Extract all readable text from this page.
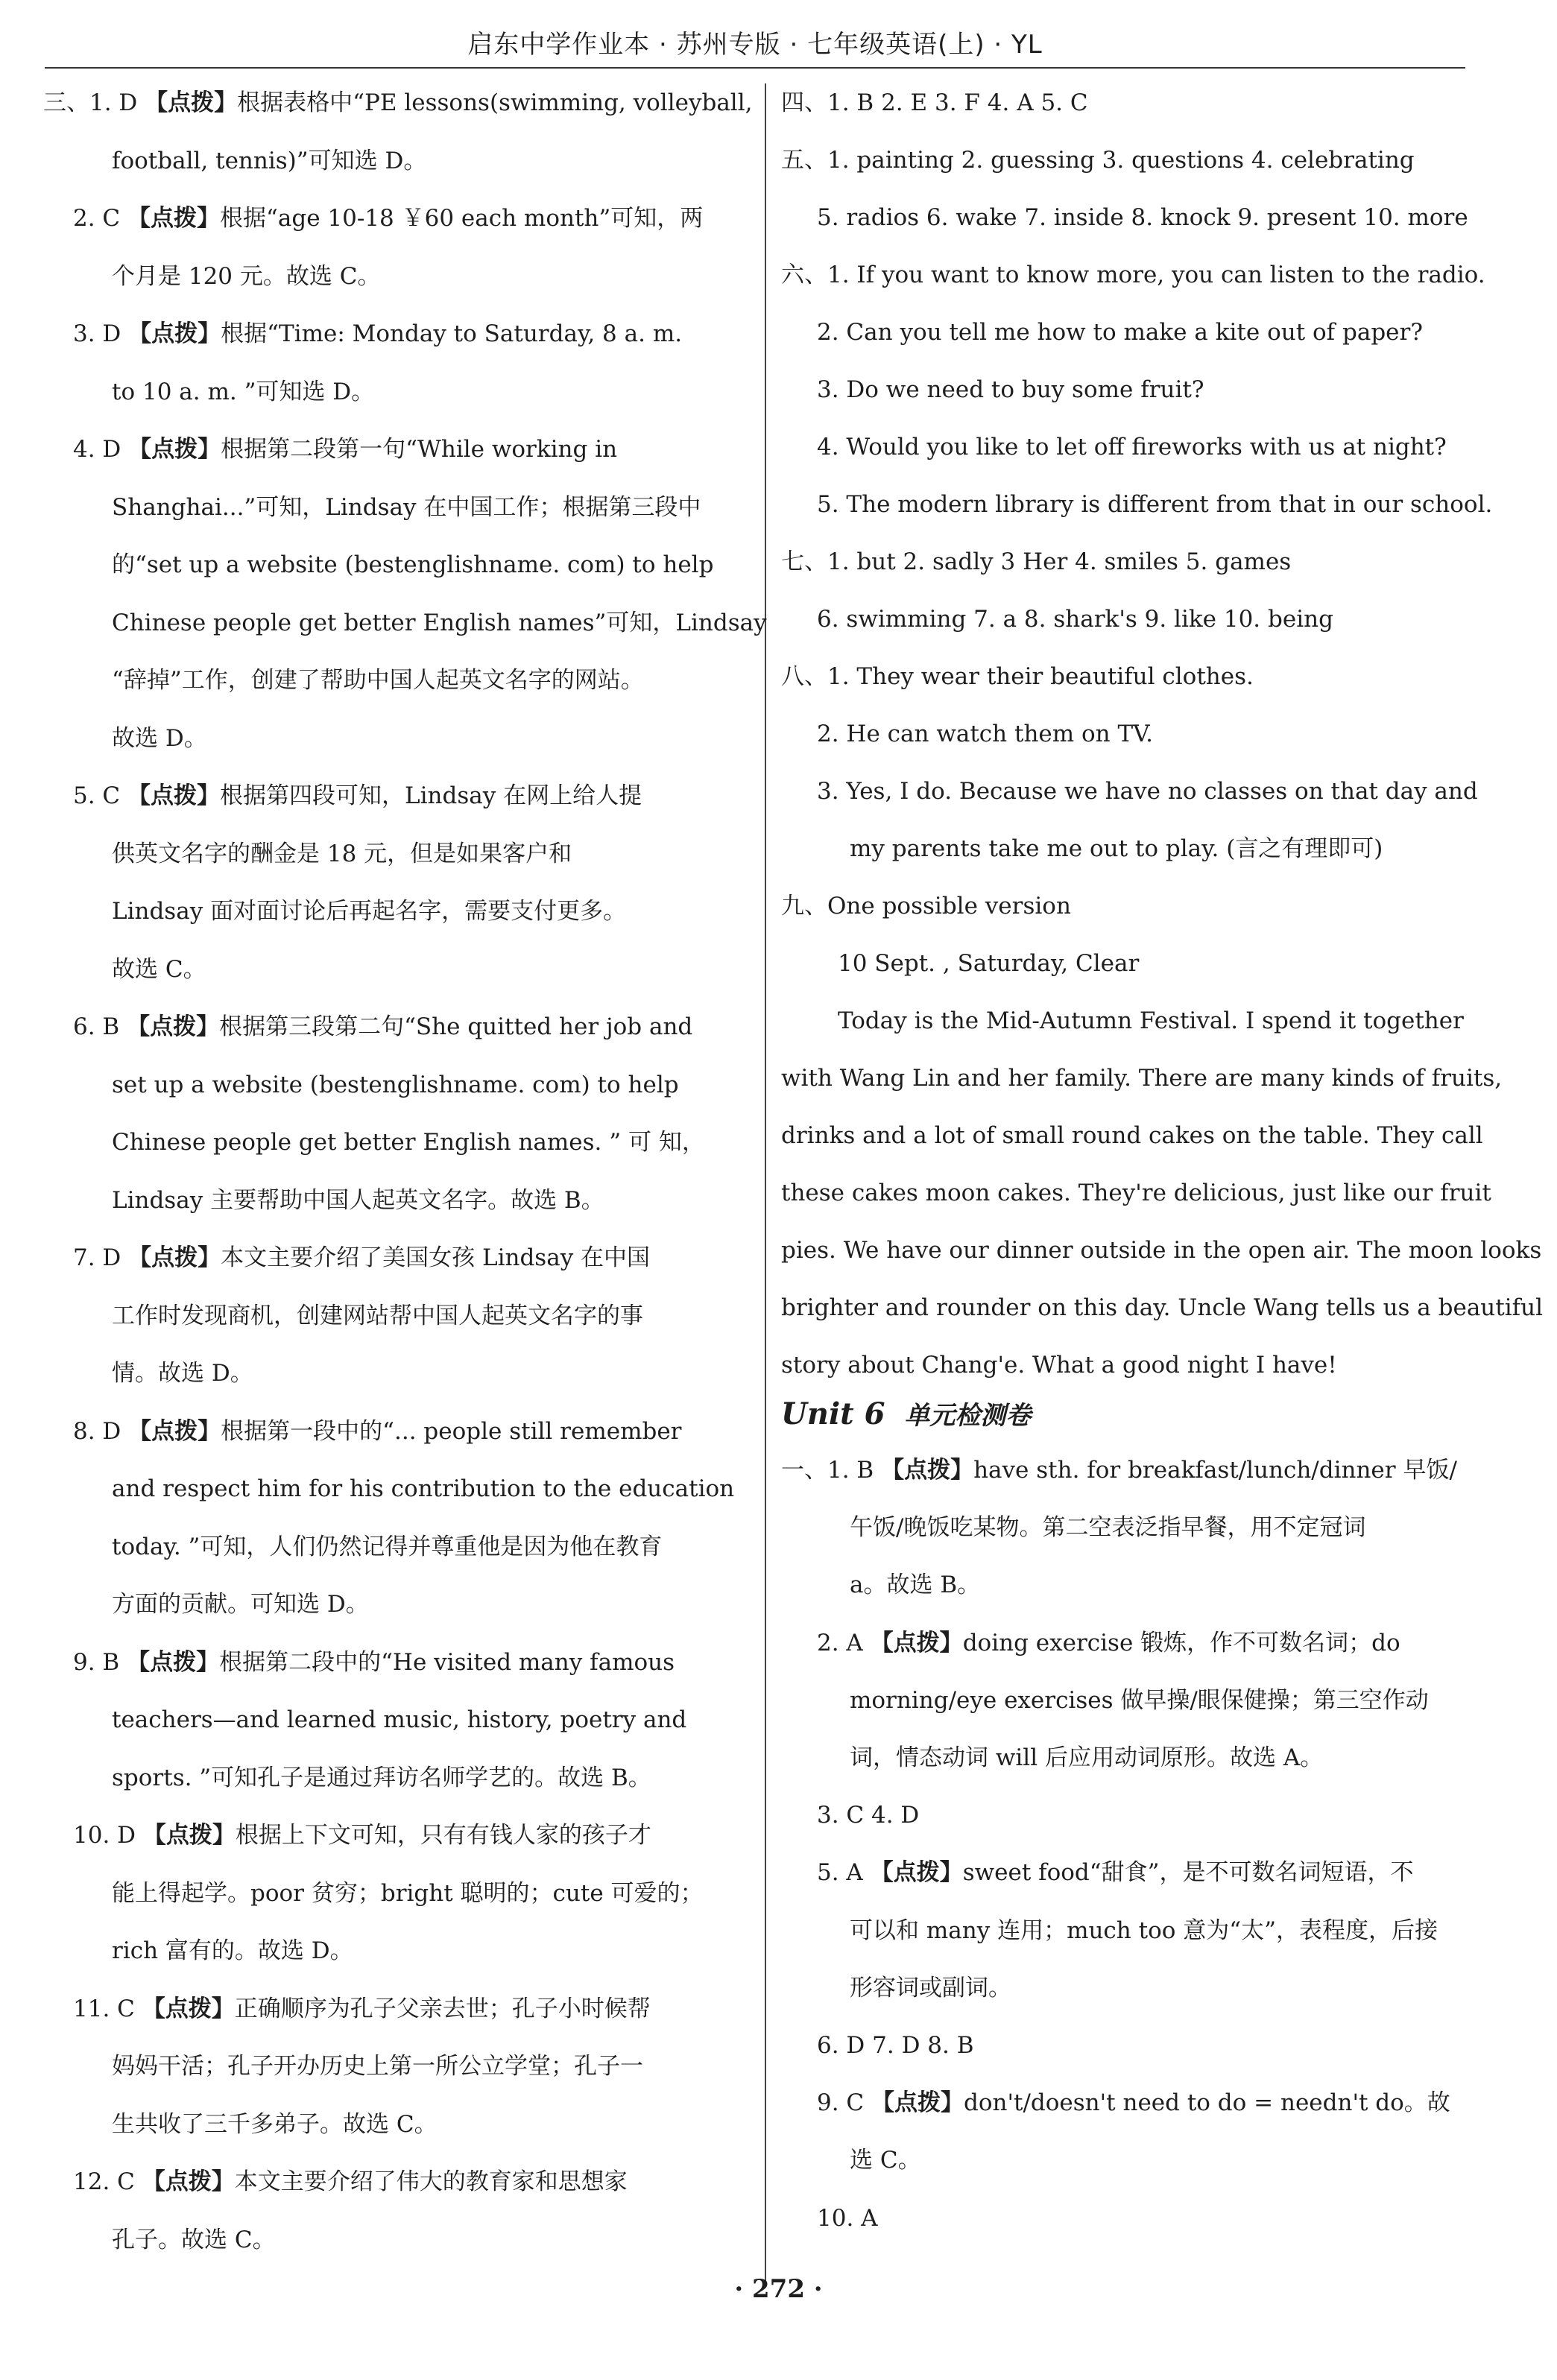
启东中学作业本 · 苏州专版 · 七年级英语(上) · YL
三、1. D 【点拨】根据表格中“PE lessons(swimming, volleyball,
football, tennis)”可知选 D。
2. C 【点拨】根据“age 10-18 ￥60 each month”可知，两
个月是 120 元。故选 C。
3. D 【点拨】根据“Time: Monday to Saturday, 8 a. m.
to 10 a. m. ”可知选 D。
4. D 【点拨】根据第二段第一句“While working in
Shanghai...”可知，Lindsay 在中国工作；根据第三段中
的“set up a website (bestenglishname. com) to help
Chinese people get better English names”可知，Lindsay
“辞掉”工作，创建了帮助中国人起英文名字的网站。
故选 D。
5. C 【点拨】根据第四段可知，Lindsay 在网上给人提
供英文名字的酬金是 18 元，但是如果客户和
Lindsay 面对面讨论后再起名字，需要支付更多。
故选 C。
6. B 【点拨】根据第三段第二句“She quitted her job and
set up a website (bestenglishname. com) to help
Chinese people get better English names. ” 可 知，
Lindsay 主要帮助中国人起英文名字。故选 B。
7. D 【点拨】本文主要介绍了美国女孩 Lindsay 在中国
工作时发现商机，创建网站帮中国人起英文名字的事
情。故选 D。
8. D 【点拨】根据第一段中的“... people still remember
and respect him for his contribution to the education
today. ”可知，人们仍然记得并尊重他是因为他在教育
方面的贡献。可知选 D。
9. B 【点拨】根据第二段中的“He visited many famous
teachers—and learned music, history, poetry and
sports. ”可知孔子是通过拜访名师学艺的。故选 B。
10. D 【点拨】根据上下文可知，只有有钱人家的孩子才
能上得起学。poor 贫穷；bright 聪明的；cute 可爱的；
rich 富有的。故选 D。
11. C 【点拨】正确顺序为孔子父亲去世；孔子小时候帮
妈妈干活；孔子开办历史上第一所公立学堂；孔子一
生共收了三千多弟子。故选 C。
12. C 【点拨】本文主要介绍了伟大的教育家和思想家
孔子。故选 C。
四、1. B 2. E 3. F 4. A 5. C
五、1. painting 2. guessing 3. questions 4. celebrating
5. radios 6. wake 7. inside 8. knock 9. present 10. more
六、1. If you want to know more, you can listen to the radio.
2. Can you tell me how to make a kite out of paper?
3. Do we need to buy some fruit?
4. Would you like to let off fireworks with us at night?
5. The modern library is different from that in our school.
七、1. but 2. sadly 3 Her 4. smiles 5. games
6. swimming 7. a 8. shark's 9. like 10. being
八、1. They wear their beautiful clothes.
2. He can watch them on TV.
3. Yes, I do. Because we have no classes on that day and
my parents take me out to play. (言之有理即可)
九、One possible version
10 Sept. , Saturday, Clear
Today is the Mid-Autumn Festival. I spend it together
with Wang Lin and her family. There are many kinds of fruits,
drinks and a lot of small round cakes on the table. They call
these cakes moon cakes. They're delicious, just like our fruit
pies. We have our dinner outside in the open air. The moon looks
brighter and rounder on this day. Uncle Wang tells us a beautiful
story about Chang'e. What a good night I have!
Unit 6 单元检测卷
一、1. B 【点拨】have sth. for breakfast/lunch/dinner 早饭/
午饭/晚饭吃某物。第二空表泛指早餐，用不定冠词
a。故选 B。
2. A 【点拨】doing exercise 锻炼，作不可数名词；do
morning/eye exercises 做早操/眼保健操；第三空作动
词，情态动词 will 后应用动词原形。故选 A。
3. C 4. D
5. A 【点拨】sweet food“甜食”，是不可数名词短语，不
可以和 many 连用；much too 意为“太”，表程度，后接
形容词或副词。
6. D 7. D 8. B
9. C 【点拨】don't/doesn't need to do = needn't do。故
选 C。
10. A
· 272 ·
